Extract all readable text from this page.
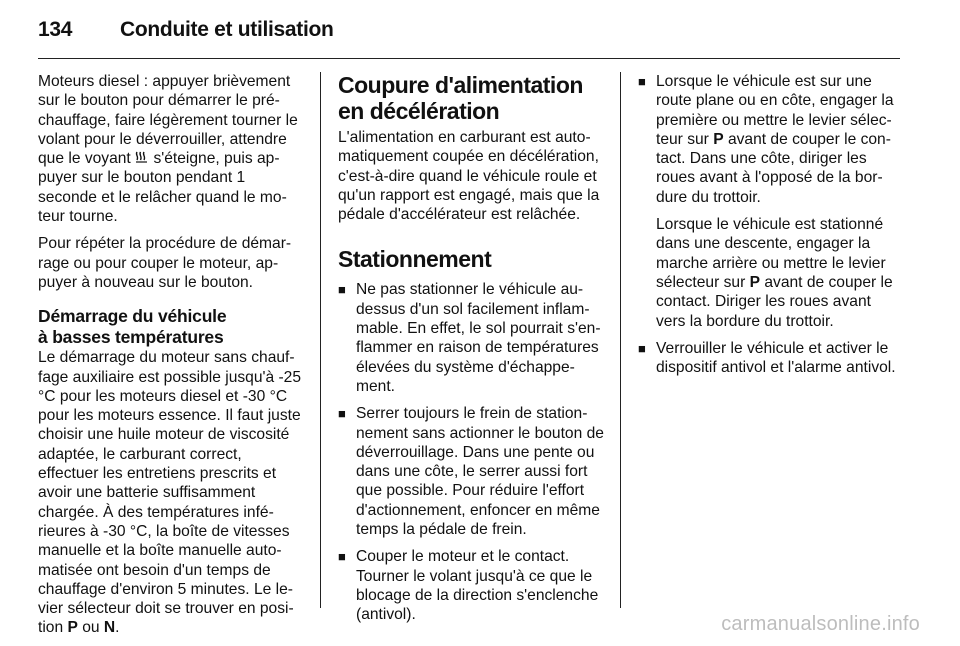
134	Conduite et utilisation

Moteurs diesel : appuyer brièvement sur le bouton pour démarrer le préchauffage, faire légèrement tourner le volant pour le déverrouiller, attendre que le voyant  s'éteigne, puis appuyer sur le bouton pendant 1 seconde et le relâcher quand le moteur tourne.

Pour répéter la procédure de démarrage ou pour couper le moteur, appuyer à nouveau sur le bouton.

Démarrage du véhicule
à basses températures

Le démarrage du moteur sans chauffage auxiliaire est possible jusqu'à -25 °C pour les moteurs diesel et -30 °C pour les moteurs essence. Il faut juste choisir une huile moteur de viscosité adaptée, le carburant correct, effectuer les entretiens prescrits et avoir une batterie suffisamment chargée. À des températures inférieures à -30 °C, la boîte de vitesses manuelle et la boîte manuelle automatisée ont besoin d'un temps de chauffage d'environ 5 minutes. Le levier sélecteur doit se trouver en position P ou N.

Coupure d'alimentation en décélération

L'alimentation en carburant est automatiquement coupée en décélération, c'est-à-dire quand le véhicule roule et qu'un rapport est engagé, mais que la pédale d'accélérateur est relâchée.

Stationnement
■ Ne pas stationner le véhicule au-dessus d'un sol facilement inflammable. En effet, le sol pourrait s'enflammer en raison de températures élevées du système d'échappement.
■ Serrer toujours le frein de stationnement sans actionner le bouton de déverrouillage. Dans une pente ou dans une côte, le serrer aussi fort que possible. Pour réduire l'effort d'actionnement, enfoncer en même temps la pédale de frein.
■ Couper le moteur et le contact. Tourner le volant jusqu'à ce que le blocage de la direction s'enclenche (antivol).
■ Lorsque le véhicule est sur une route plane ou en côte, engager la première ou mettre le levier sélecteur sur P avant de couper le contact. Dans une côte, diriger les roues avant à l'opposé de la bordure du trottoir.

Lorsque le véhicule est stationné dans une descente, engager la marche arrière ou mettre le levier sélecteur sur P avant de couper le contact. Diriger les roues avant vers la bordure du trottoir.

■ Verrouiller le véhicule et activer le dispositif antivol et l'alarme antivol.
carmanualsonline.info
